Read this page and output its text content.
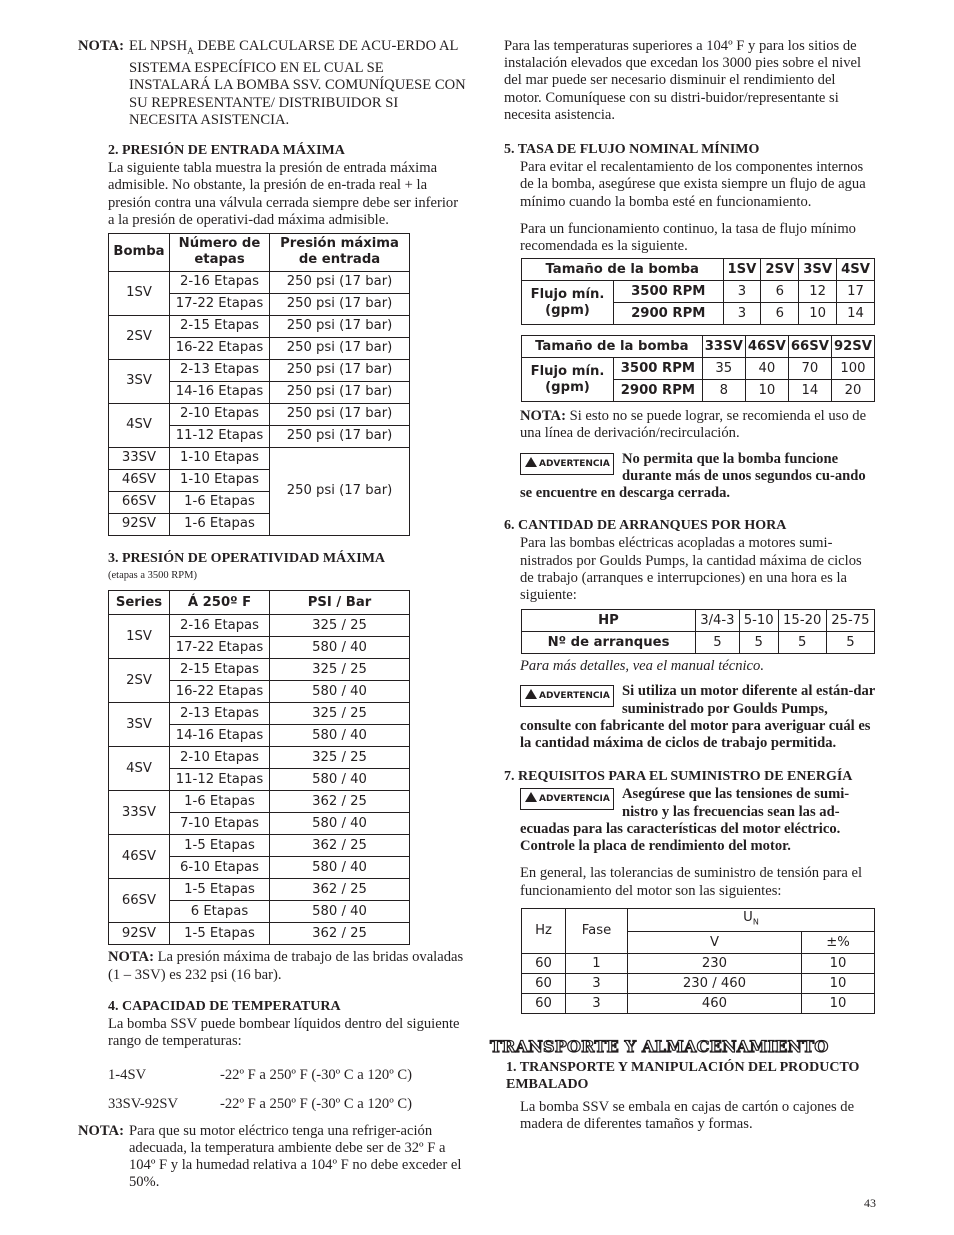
NOTA: EL $NPSH_A$ DEBE CALCULARSE DE ACU-ERDO AL SISTEMA ESPECÍFICO EN EL CUAL SE INSTALARÁ LA BOMBA SSV. COMUNÍQUESE CON SU REPRESENTANTE/ DISTRIBUIDOR SI NECESITA ASISTENCIA.
2. PRESIÓN DE ENTRADA MÁXIMA
La siguiente tabla muestra la presión de entrada máxima admisible. No obstante, la presión de en-trada real + la presión contra una válvula cerrada siempre debe ser inferior a la presión de operativi-dad máxima admisible.
Bomba	Número de etapas	Presión máxima de entrada
1SV	2-16 Etapas	250 psi (17 bar)
	17-22 Etapas	250 psi (17 bar)
2SV	2-15 Etapas	250 psi (17 bar)
	16-22 Etapas	250 psi (17 bar)
3SV	2-13 Etapas	250 psi (17 bar)
	14-16 Etapas	250 psi (17 bar)
4SV	2-10 Etapas	250 psi (17 bar)
	11-12 Etapas	250 psi (17 bar)
33SV	1-10 Etapas	250 psi (17 bar)
46SV	1-10 Etapas	
66SV	1-6 Etapas	
92SV	1-6 Etapas	
3. PRESIÓN DE OPERATIVIDAD MÁXIMA
(etapas a 3500 RPM)
Series	Á 250º F	PSI / Bar
1SV	2-16 Etapas	325 / 25
	17-22 Etapas	580 / 40
2SV	2-15 Etapas	325 / 25
	16-22 Etapas	580 / 40
3SV	2-13 Etapas	325 / 25
	14-16 Etapas	580 / 40
4SV	2-10 Etapas	325 / 25
	11-12 Etapas	580 / 40
33SV	1-6 Etapas	362 / 25
	7-10 Etapas	580 / 40
46SV	1-5 Etapas	362 / 25
	6-10 Etapas	580 / 40
66SV	1-5 Etapas	362 / 25
	6 Etapas	580 / 40
92SV	1-5 Etapas	362 / 25
NOTA: La presión máxima de trabajo de las bridas ovaladas (1 – 3SV) es 232 psi (16 bar).
4. CAPACIDAD DE TEMPERATURA
La bomba SSV puede bombear líquidos dentro del siguiente rango de temperaturas:
1-4SV	-22º F a 250º F (-30º C a 120º C)
33SV-92SV	-22º F a 250º F (-30º C a 120º C)
NOTA: Para que su motor eléctrico tenga una refriger-ación adecuada, la temperatura ambiente debe ser de 32º F a 104º F y la humedad relativa a 104º F no debe exceder el 50%.
Para las temperaturas superiores a 104º F y para los sitios de instalación elevados que excedan los 3000 pies sobre el nivel del mar puede ser necesario disminuir el rendimiento del motor. Comuníquese con su distri-buidor/representante si necesita asistencia.
5. TASA DE FLUJO NOMINAL MÍNIMO
Para evitar el recalentamiento de los componentes internos de la bomba, asegúrese que exista siempre un flujo de agua mínimo cuando la bomba esté en funcionamiento.
Para un funcionamiento continuo, la tasa de flujo mínimo recomendada es la siguiente.
Tamaño de la bomba		1SV	2SV	3SV	4SV
Flujo mín. (gpm)	3500 RPM	3	6	12	17
	2900 RPM	3	6	10	14
Tamaño de la bomba		33SV	46SV	66SV	92SV
Flujo mín. (gpm)	3500 RPM	35	40	70	100
	2900 RPM	8	10	14	20
NOTA: Si esto no se puede lograr, se recomienda el uso de una línea de derivación/recirculación.
ADVERTENCIA No permita que la bomba funcione durante más de unos segundos cu-ando se encuentre en descarga cerrada.
6. CANTIDAD DE ARRANQUES POR HORA
Para las bombas eléctricas acopladas a motores sumi-nistrados por Goulds Pumps, la cantidad máxima de ciclos de trabajo (arranques e interrupciones) en una hora es la siguiente:
HP	3/4-3	5-10	15-20	25-75
Nº de arranques	5	5	5	5
Para más detalles, vea el manual técnico.
ADVERTENCIA Si utiliza un motor diferente al están-dar suministrado por Goulds Pumps, consulte con fabricante del motor para averiguar cuál es la cantidad máxima de ciclos de trabajo permitida.
7. REQUISITOS PARA EL SUMINISTRO DE ENERGÍA
ADVERTENCIA Asegúrese que las tensiones de sumi-nistro y las frecuencias sean las ad-ecuadas para las características del motor eléctrico. Controle la placa de rendimiento del motor.
En general, las tolerancias de suministro de tensión para el funcionamiento del motor son las siguientes:
Hz	Fase	$U_N$
		V	±%
60	1	230	10
60	3	230 / 460	10
60	3	460	10
TRANSPORTE Y ALMACENAMIENTO
1. TRANSPORTE Y MANIPULACIÓN DEL PRODUCTO EMBALADO
La bomba SSV se embala en cajas de cartón o cajones de madera de diferentes tamaños y formas.
43
